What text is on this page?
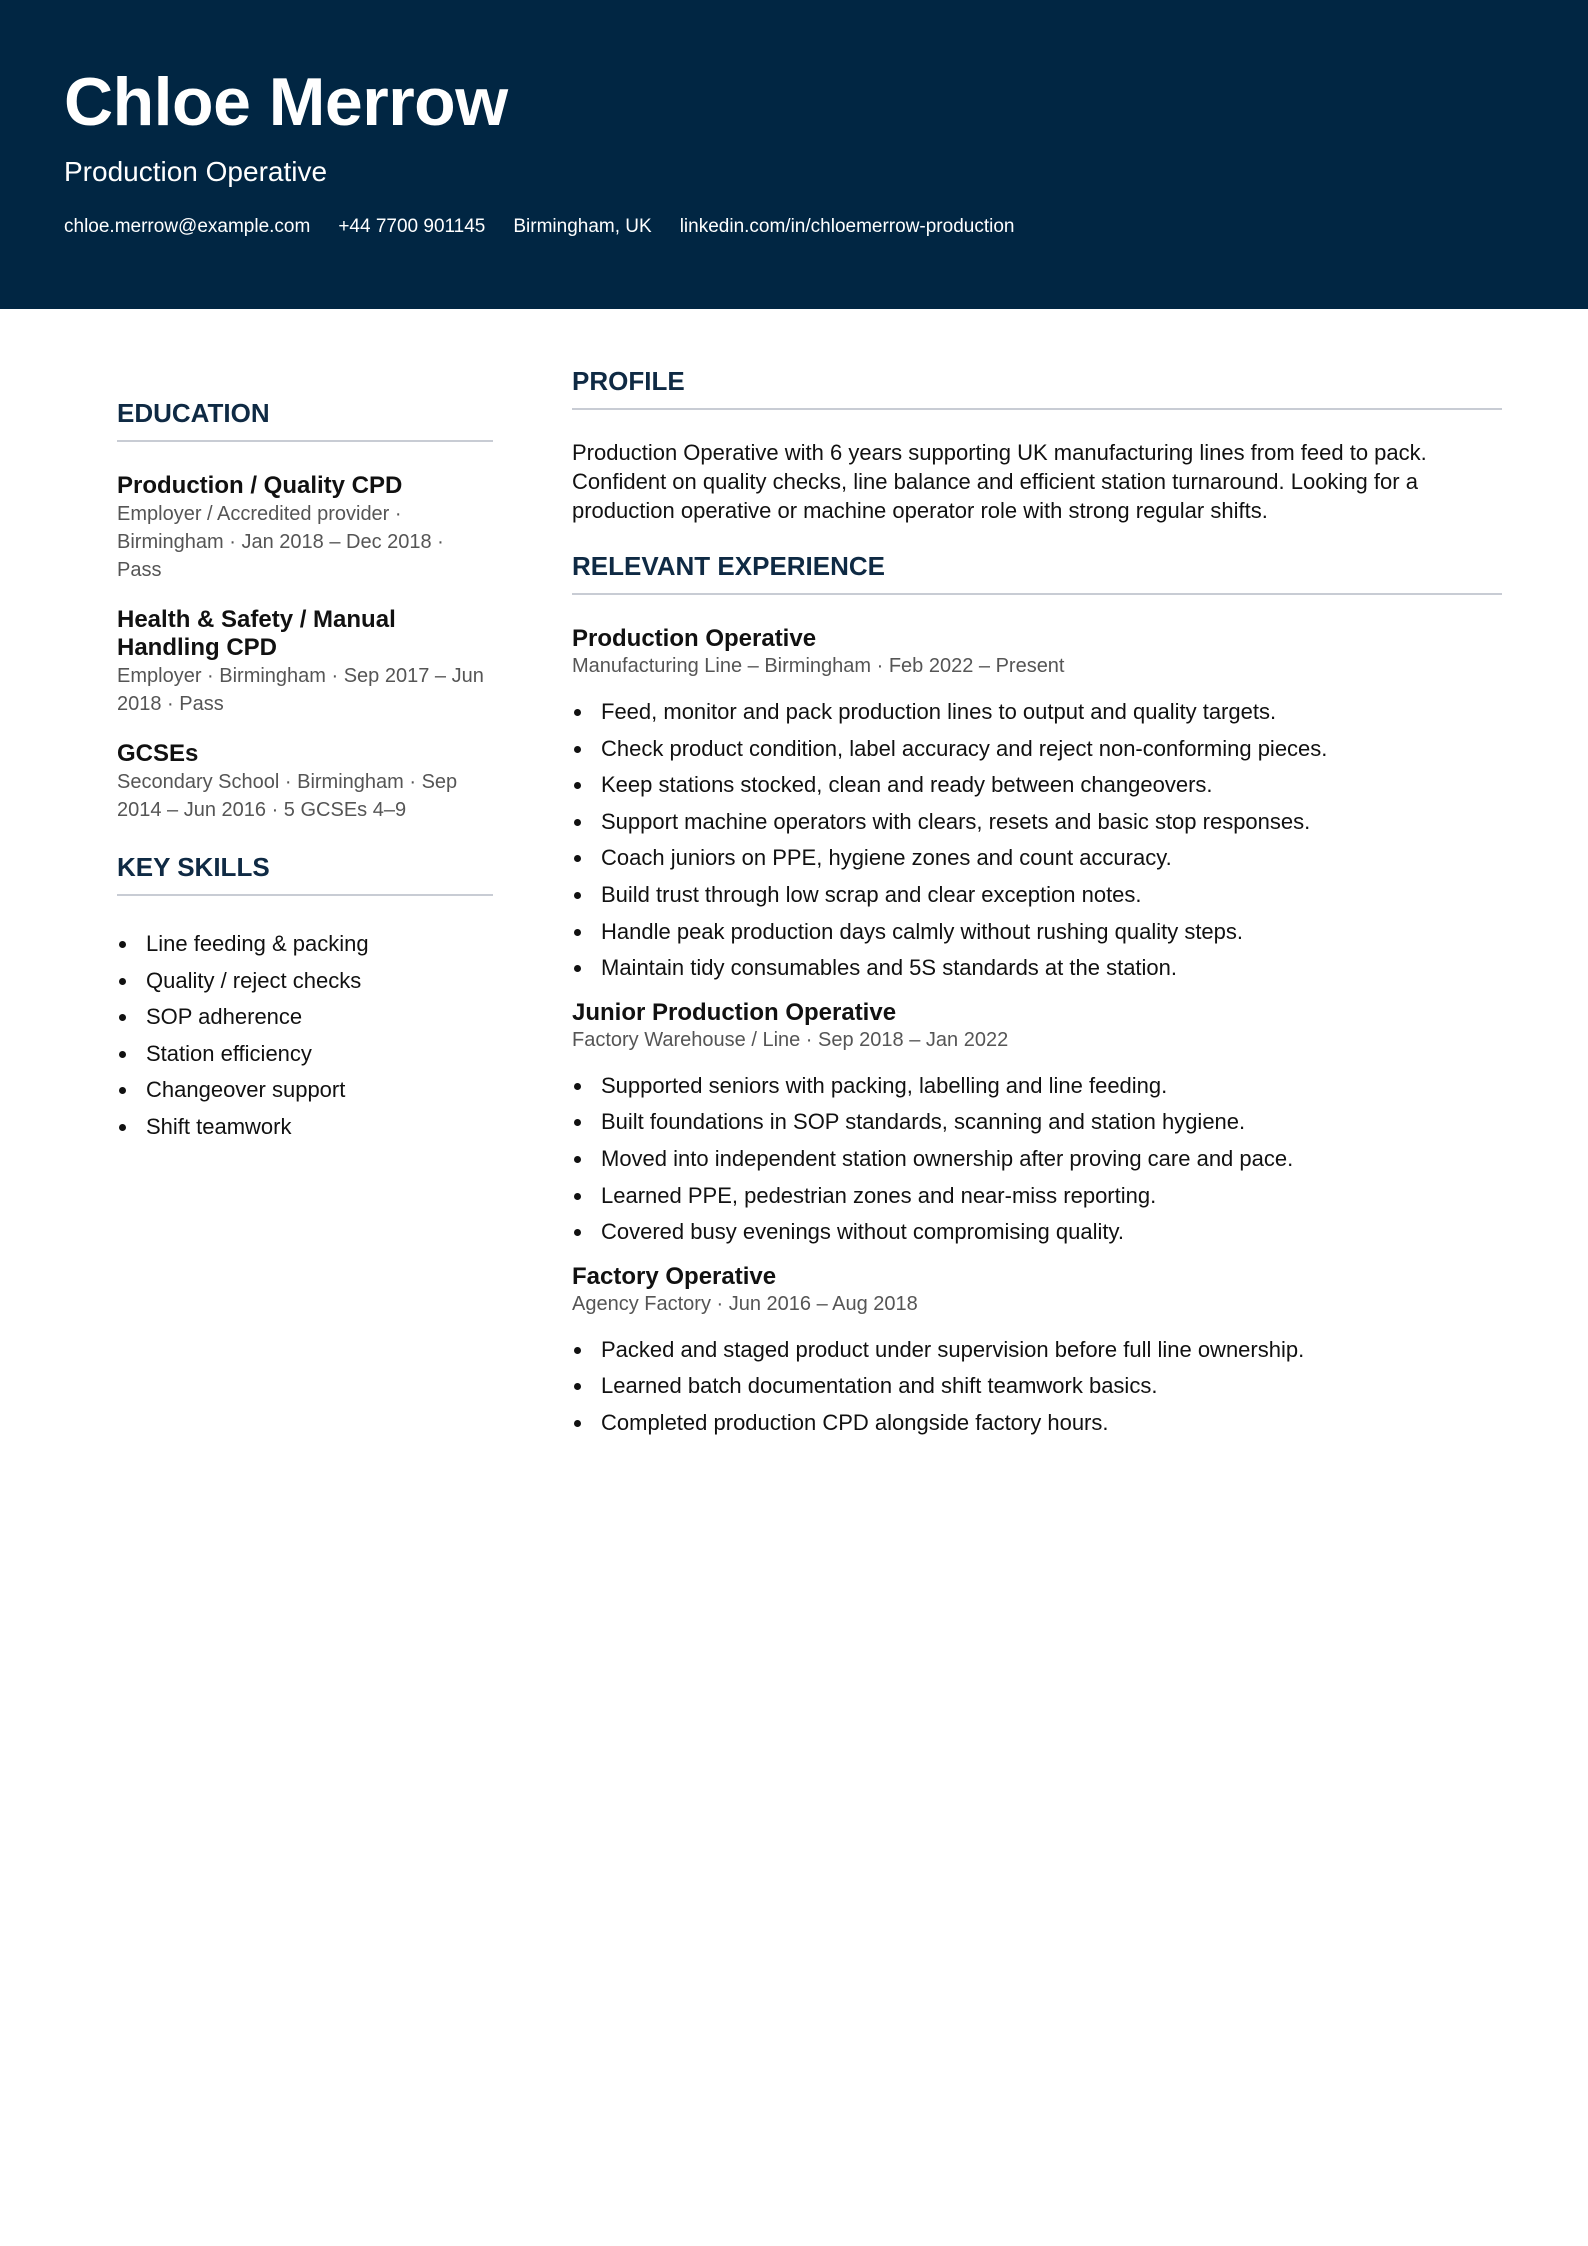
Chloe Merrow
Production Operative
chloe.merrow@example.com +44 7700 901145 Birmingham, UK linkedin.com/in/chloemerrow-production
EDUCATION
Production / Quality CPD
Employer / Accredited provider · Birmingham · Jan 2018 – Dec 2018 · Pass
Health & Safety / Manual Handling CPD
Employer · Birmingham · Sep 2017 – Jun 2018 · Pass
GCSEs
Secondary School · Birmingham · Sep 2014 – Jun 2016 · 5 GCSEs 4–9
KEY SKILLS
Line feeding & packing
Quality / reject checks
SOP adherence
Station efficiency
Changeover support
Shift teamwork
PROFILE

Production Operative with 6 years supporting UK manufacturing lines from feed to pack. Confident on quality checks, line balance and efficient station turnaround. Looking for a production operative or machine operator role with strong regular shifts.

RELEVANT EXPERIENCE
Production Operative
Manufacturing Line – Birmingham · Feb 2022 – Present
Feed, monitor and pack production lines to output and quality targets.
Check product condition, label accuracy and reject non-conforming pieces.
Keep stations stocked, clean and ready between changeovers.
Support machine operators with clears, resets and basic stop responses.
Coach juniors on PPE, hygiene zones and count accuracy.
Build trust through low scrap and clear exception notes.
Handle peak production days calmly without rushing quality steps.
Maintain tidy consumables and 5S standards at the station.
Junior Production Operative
Factory Warehouse / Line · Sep 2018 – Jan 2022
Supported seniors with packing, labelling and line feeding.
Built foundations in SOP standards, scanning and station hygiene.
Moved into independent station ownership after proving care and pace.
Learned PPE, pedestrian zones and near-miss reporting.
Covered busy evenings without compromising quality.
Factory Operative
Agency Factory · Jun 2016 – Aug 2018
Packed and staged product under supervision before full line ownership.
Learned batch documentation and shift teamwork basics.
Completed production CPD alongside factory hours.
